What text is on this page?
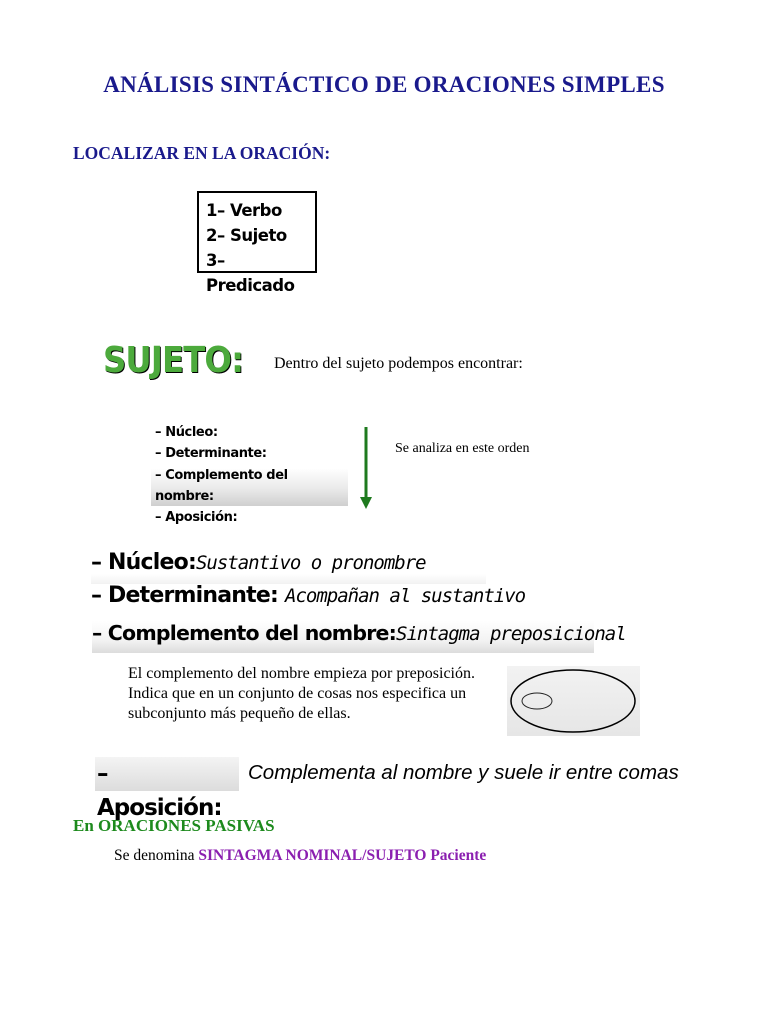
ANÁLISIS SINTÁCTICO DE ORACIONES SIMPLES
LOCALIZAR EN LA ORACIÓN:
1– Verbo
2– Sujeto
3– Predicado
SUJETO: Dentro del sujeto podempos encontrar:
– Núcleo:
– Determinante:
– Complemento del nombre:
– Aposición:
Se analiza en este orden
– Núcleo:Sustantivo o pronombre
– Determinante: Acompañan al sustantivo
– Complemento del nombre:Sintagma preposicional
El complemento del nombre empieza por preposición. Indica que en un conjunto de cosas nos especifica un subconjunto más pequeño de ellas.
– Aposición:
Complementa al nombre y suele ir entre comas
En ORACIONES PASIVAS
Se denomina SINTAGMA NOMINAL/SUJETO Paciente
